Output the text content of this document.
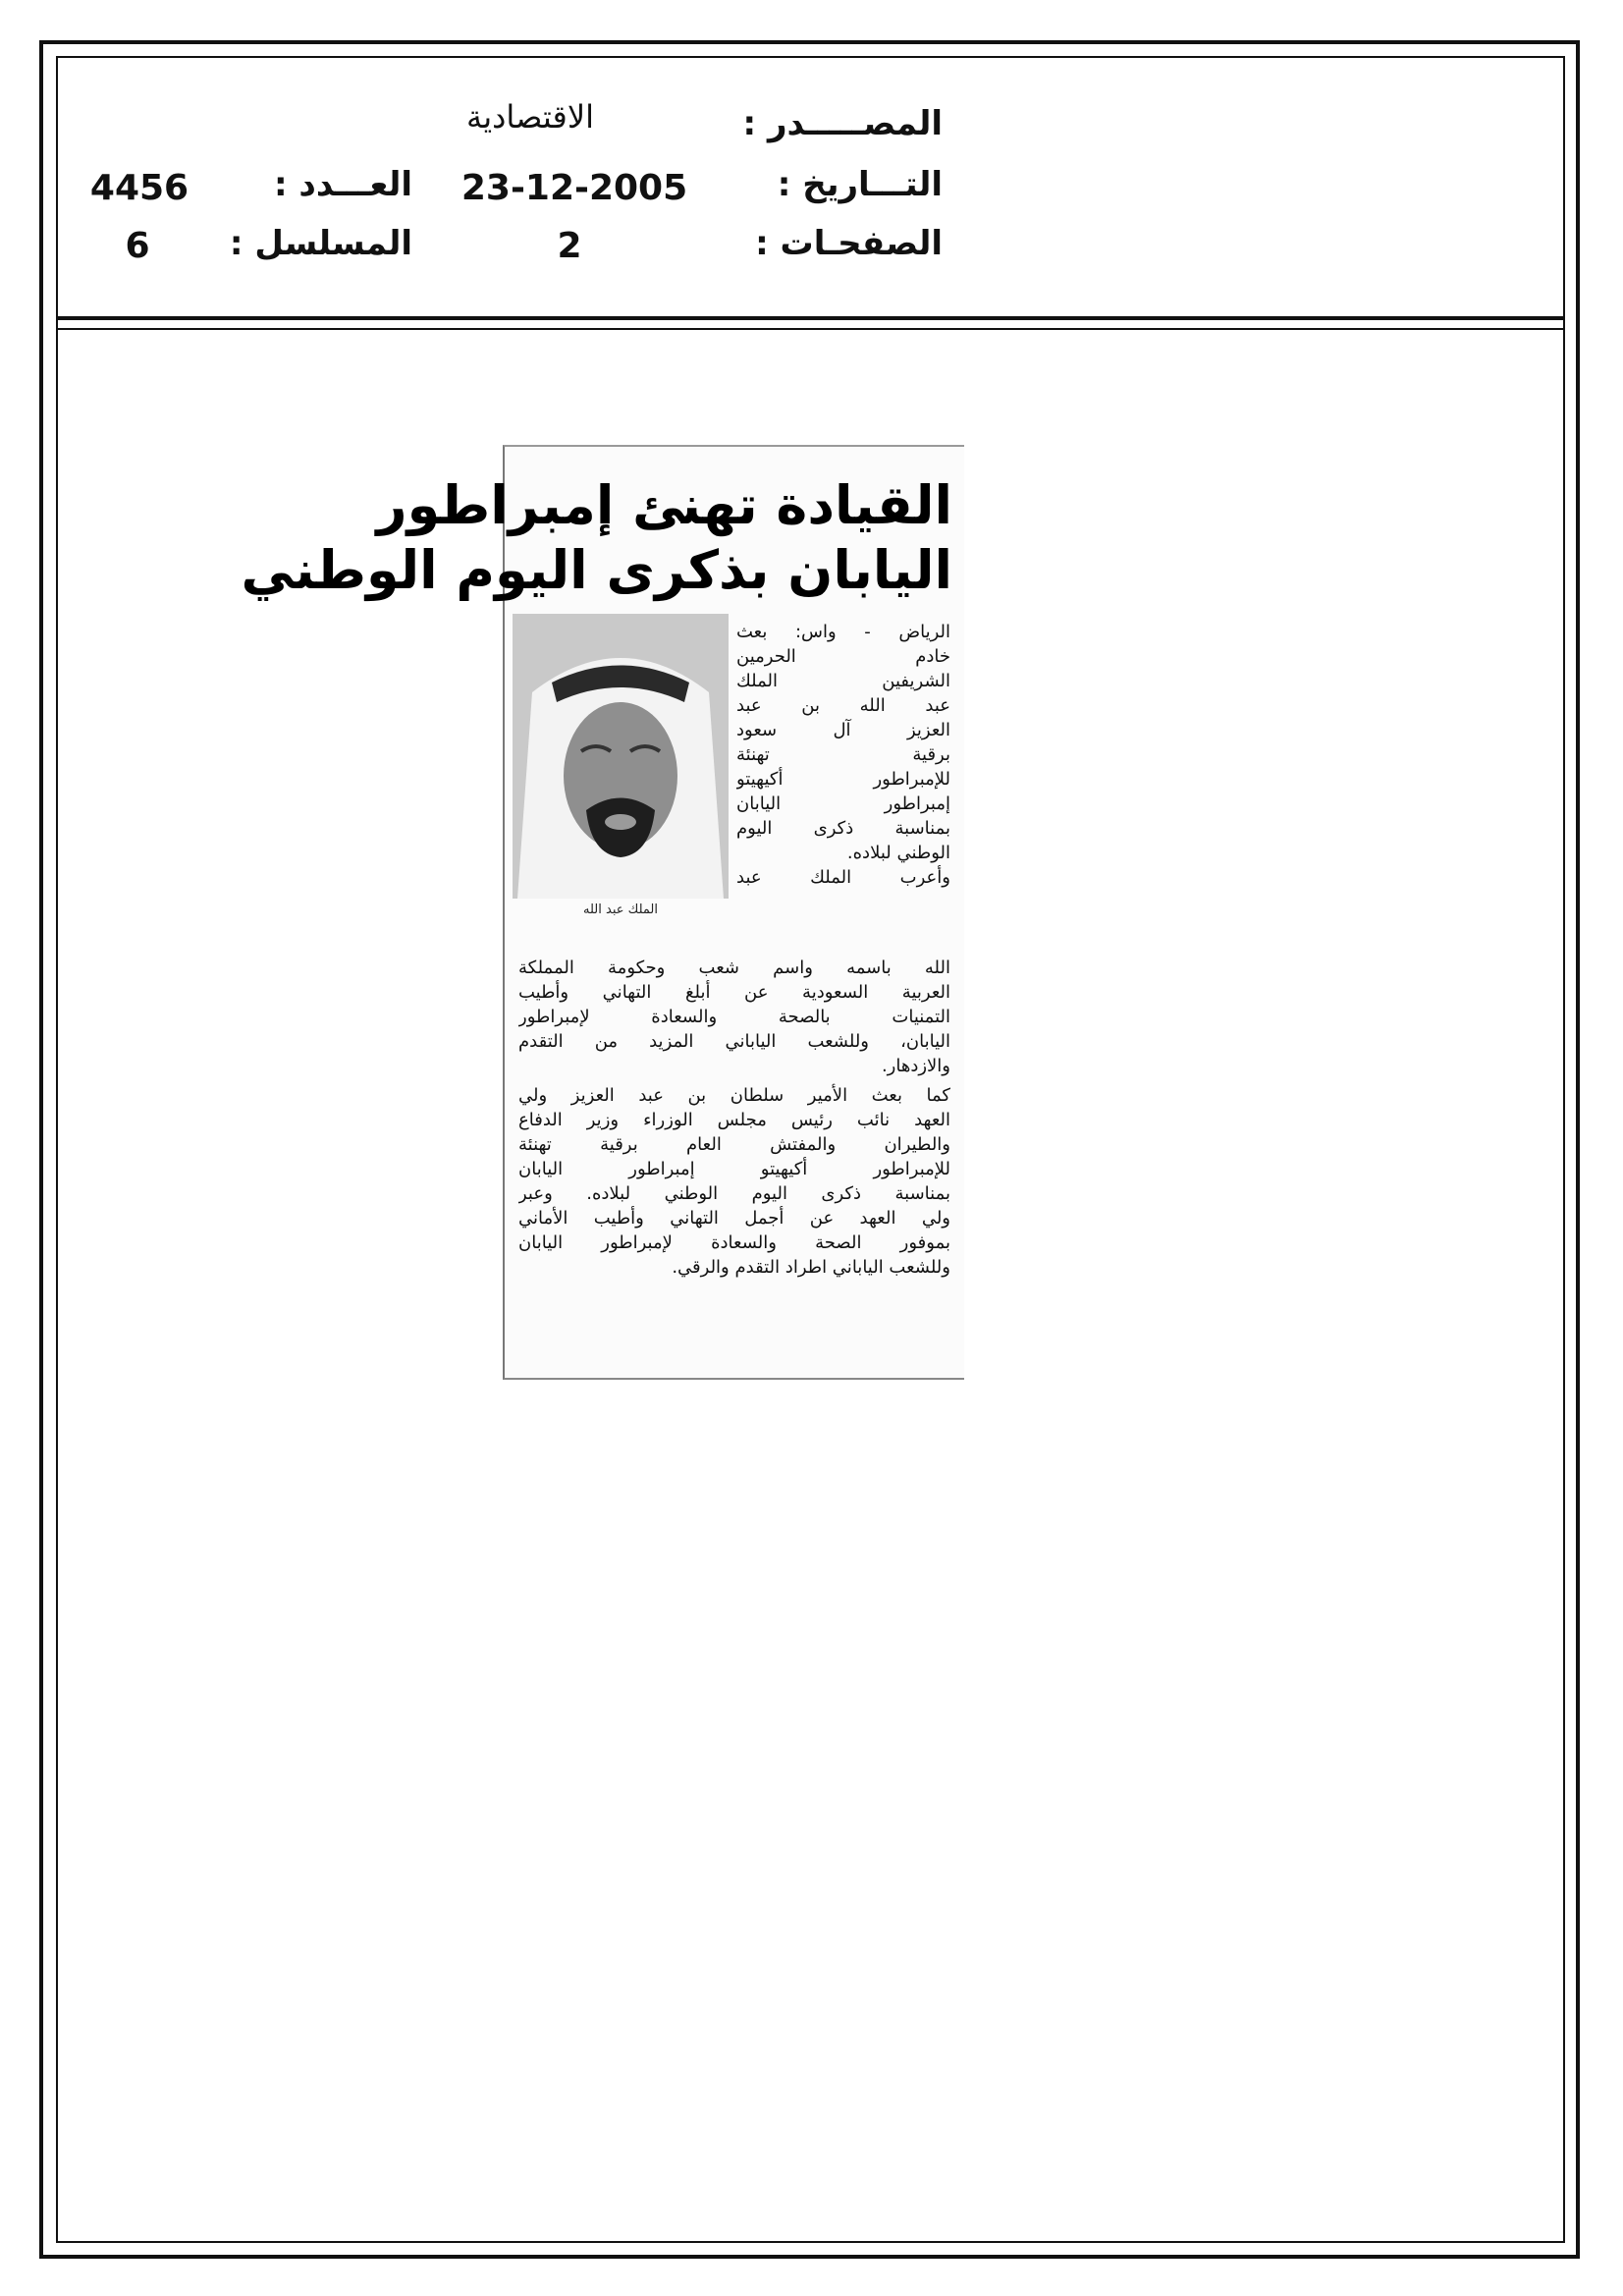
المصـــــدر :
الاقتصادية
التـــاريخ :
23-12-2005
العـــدد :
4456
الصفحـات :
2
المسلسل :
6
القيادة تهنئ إمبراطور
اليابان بذكرى اليوم الوطني
الملك عبد الله
الرياض - واس: بعث
خادم الحرمين
الشريفين الملك
عبد الله بن عبد
العزيز آل سعود
برقية تهنئة
للإمبراطور أكيهيتو
إمبراطور اليابان
بمناسبة ذكرى اليوم
الوطني لبلاده.
وأعرب الملك عبد
الله باسمه واسم شعب وحكومة المملكة
العربية السعودية عن أبلغ التهاني وأطيب
التمنيات بالصحة والسعادة لإمبراطور
اليابان، وللشعب الياباني المزيد من التقدم
والازدهار.
كما بعث الأمير سلطان بن عبد العزيز ولي
العهد نائب رئيس مجلس الوزراء وزير الدفاع
والطيران والمفتش العام برقية تهنئة
للإمبراطور أكيهيتو إمبراطور اليابان
بمناسبة ذكرى اليوم الوطني لبلاده. وعبر
ولي العهد عن أجمل التهاني وأطيب الأماني
بموفور الصحة والسعادة لإمبراطور اليابان
وللشعب الياباني اطراد التقدم والرقي.
